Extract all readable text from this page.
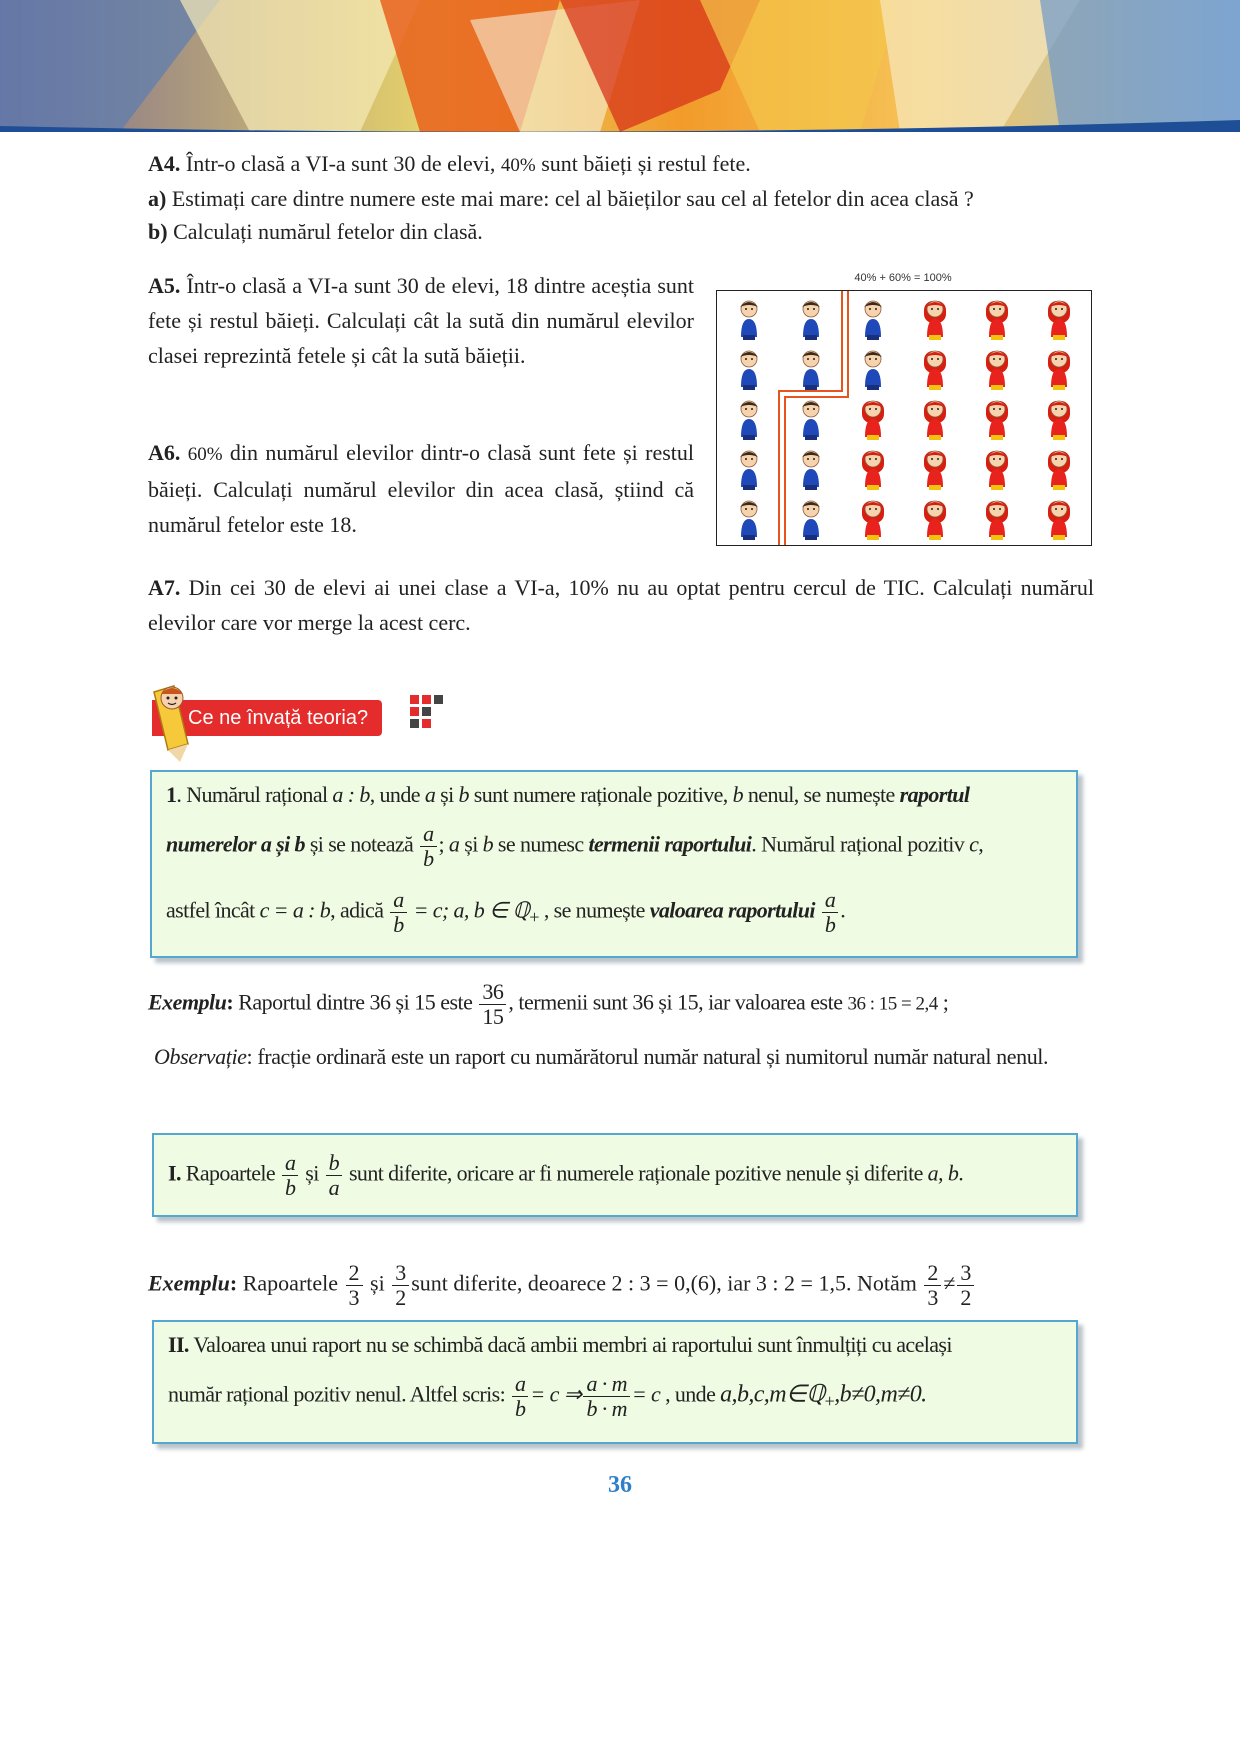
A4. Într-o clasă a VI-a sunt 30 de elevi, 40% sunt băieți și restul fete.
a) Estimați care dintre numere este mai mare: cel al băieților sau cel al fetelor din acea clasă ?
b) Calculați numărul fetelor din clasă.
A5. Într-o clasă a VI-a sunt 30 de elevi, 18 dintre aceștia sunt fete și restul băieți. Calculați cât la sută din numărul elevilor clasei reprezintă fetele și cât la sută băieții.
A6. 60% din numărul elevilor dintr-o clasă sunt fete și restul băieți. Calculați numărul elevilor din acea clasă, știind că numărul fetelor este 18.
40% + 60% = 100%
A7. Din cei 30 de elevi ai unei clase a VI-a, 10% nu au optat pentru cercul de TIC. Calculați numărul elevilor care vor merge la acest cerc.
Ce ne învață teoria?
1. Numărul rațional a : b, unde a și b sunt numere raționale pozitive, b nenul, se numește raportul
numerelor a și b și se notează $\frac{a}{b}$ ; a și b se numesc termenii raportului. Numărul rațional pozitiv c,
astfel încât c = a : b, adică $\frac{a}{b} = c$; a, b ∈ ℚ$_+$ , se numește valoarea raportului $\frac{a}{b}$ .
Exemplu: Raportul dintre 36 și 15 este $\frac{36}{15}$ , termenii sunt 36 și 15, iar valoarea este 36 : 15 = 2,4 ;
Observație: fracție ordinară este un raport cu numărătorul număr natural și numitorul număr natural nenul.
I. Rapoartele $\frac{a}{b}$ și $\frac{b}{a}$ sunt diferite, oricare ar fi numerele raționale pozitive nenule și diferite a, b.
Exemplu: Rapoartele $\frac{2}{3}$ și $\frac{3}{2}$ sunt diferite, deoarece 2 : 3 = 0,(6), iar 3 : 2 = 1,5. Notăm $\frac{2}{3} \ne \frac{3}{2}$
II. Valoarea unui raport nu se schimbă dacă ambii membri ai raportului sunt înmulțiți cu același
număr rațional pozitiv nenul. Altfel scris: $\frac{a}{b} = c$ ⇒ $\frac{a \cdot m}{b \cdot m} = c$ , unde a,b,c,m∈ℚ$_+$,b≠0,m≠0.
36
